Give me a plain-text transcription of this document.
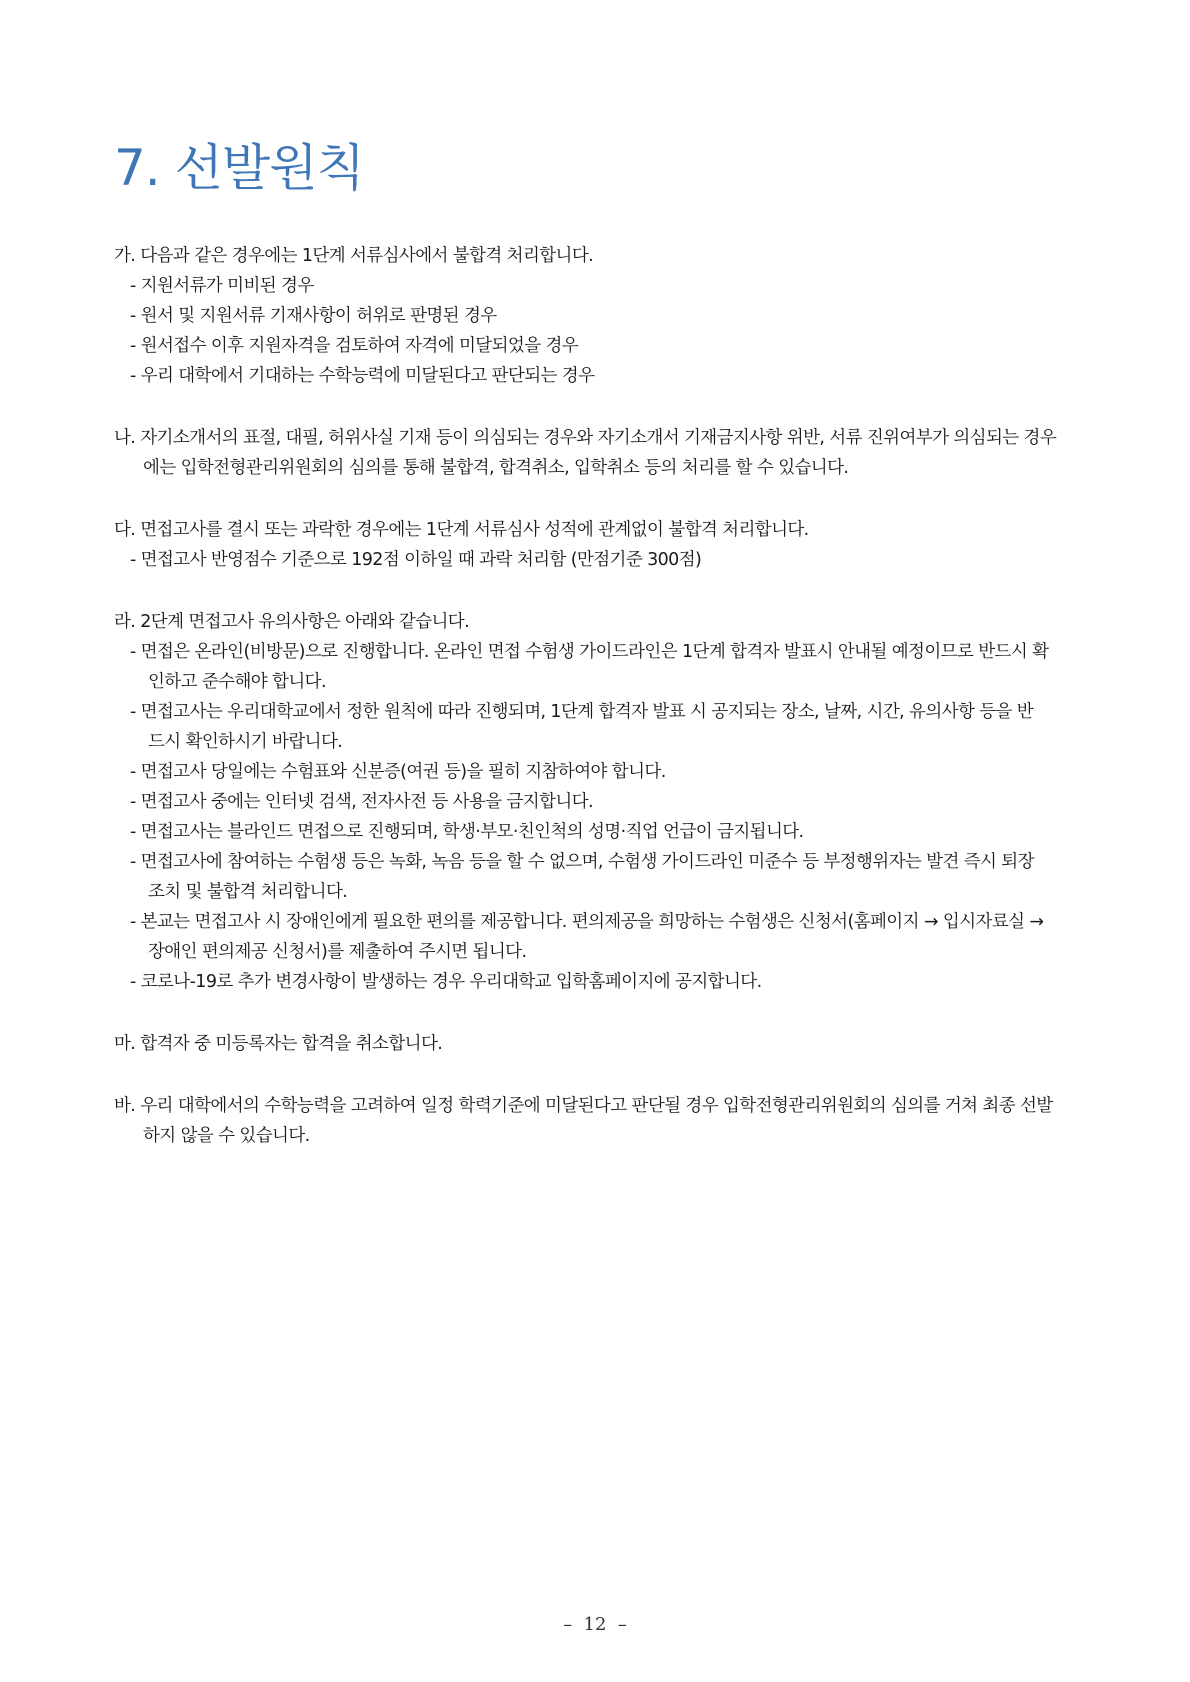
7. 선발원칙
가. 다음과 같은 경우에는 1단계 서류심사에서 불합격 처리합니다.
- 지원서류가 미비된 경우
- 원서 및 지원서류 기재사항이 허위로 판명된 경우
- 원서접수 이후 지원자격을 검토하여 자격에 미달되었을 경우
- 우리 대학에서 기대하는 수학능력에 미달된다고 판단되는 경우
나. 자기소개서의 표절, 대필, 허위사실 기재 등이 의심되는 경우와 자기소개서 기재금지사항 위반, 서류 진위여부가 의심되는 경우
에는 입학전형관리위원회의 심의를 통해 불합격, 합격취소, 입학취소 등의 처리를 할 수 있습니다.
다. 면접고사를 결시 또는 과락한 경우에는 1단계 서류심사 성적에 관계없이 불합격 처리합니다.
- 면접고사 반영점수 기준으로 192점 이하일 때 과락 처리함 (만점기준 300점)
라. 2단계 면접고사 유의사항은 아래와 같습니다.
- 면접은 온라인(비방문)으로 진행합니다. 온라인 면접 수험생 가이드라인은 1단계 합격자 발표시 안내될 예정이므로 반드시 확
인하고 준수해야 합니다.
- 면접고사는 우리대학교에서 정한 원칙에 따라 진행되며, 1단계 합격자 발표 시 공지되는 장소, 날짜, 시간, 유의사항 등을 반
드시 확인하시기 바랍니다.
- 면접고사 당일에는 수험표와 신분증(여권 등)을 필히 지참하여야 합니다.
- 면접고사 중에는 인터넷 검색, 전자사전 등 사용을 금지합니다.
- 면접고사는 블라인드 면접으로 진행되며, 학생·부모·친인척의 성명·직업 언급이 금지됩니다.
- 면접고사에 참여하는 수험생 등은 녹화, 녹음 등을 할 수 없으며, 수험생 가이드라인 미준수 등 부정행위자는 발견 즉시 퇴장
조치 및 불합격 처리합니다.
- 본교는 면접고사 시 장애인에게 필요한 편의를 제공합니다. 편의제공을 희망하는 수험생은 신청서(홈페이지 → 입시자료실 →
장애인 편의제공 신청서)를 제출하여 주시면 됩니다.
- 코로나-19로 추가 변경사항이 발생하는 경우 우리대학교 입학홈페이지에 공지합니다.
마. 합격자 중 미등록자는 합격을 취소합니다.
바. 우리 대학에서의 수학능력을 고려하여 일정 학력기준에 미달된다고 판단될 경우 입학전형관리위원회의 심의를 거쳐 최종 선발
하지 않을 수 있습니다.
–  12  –
